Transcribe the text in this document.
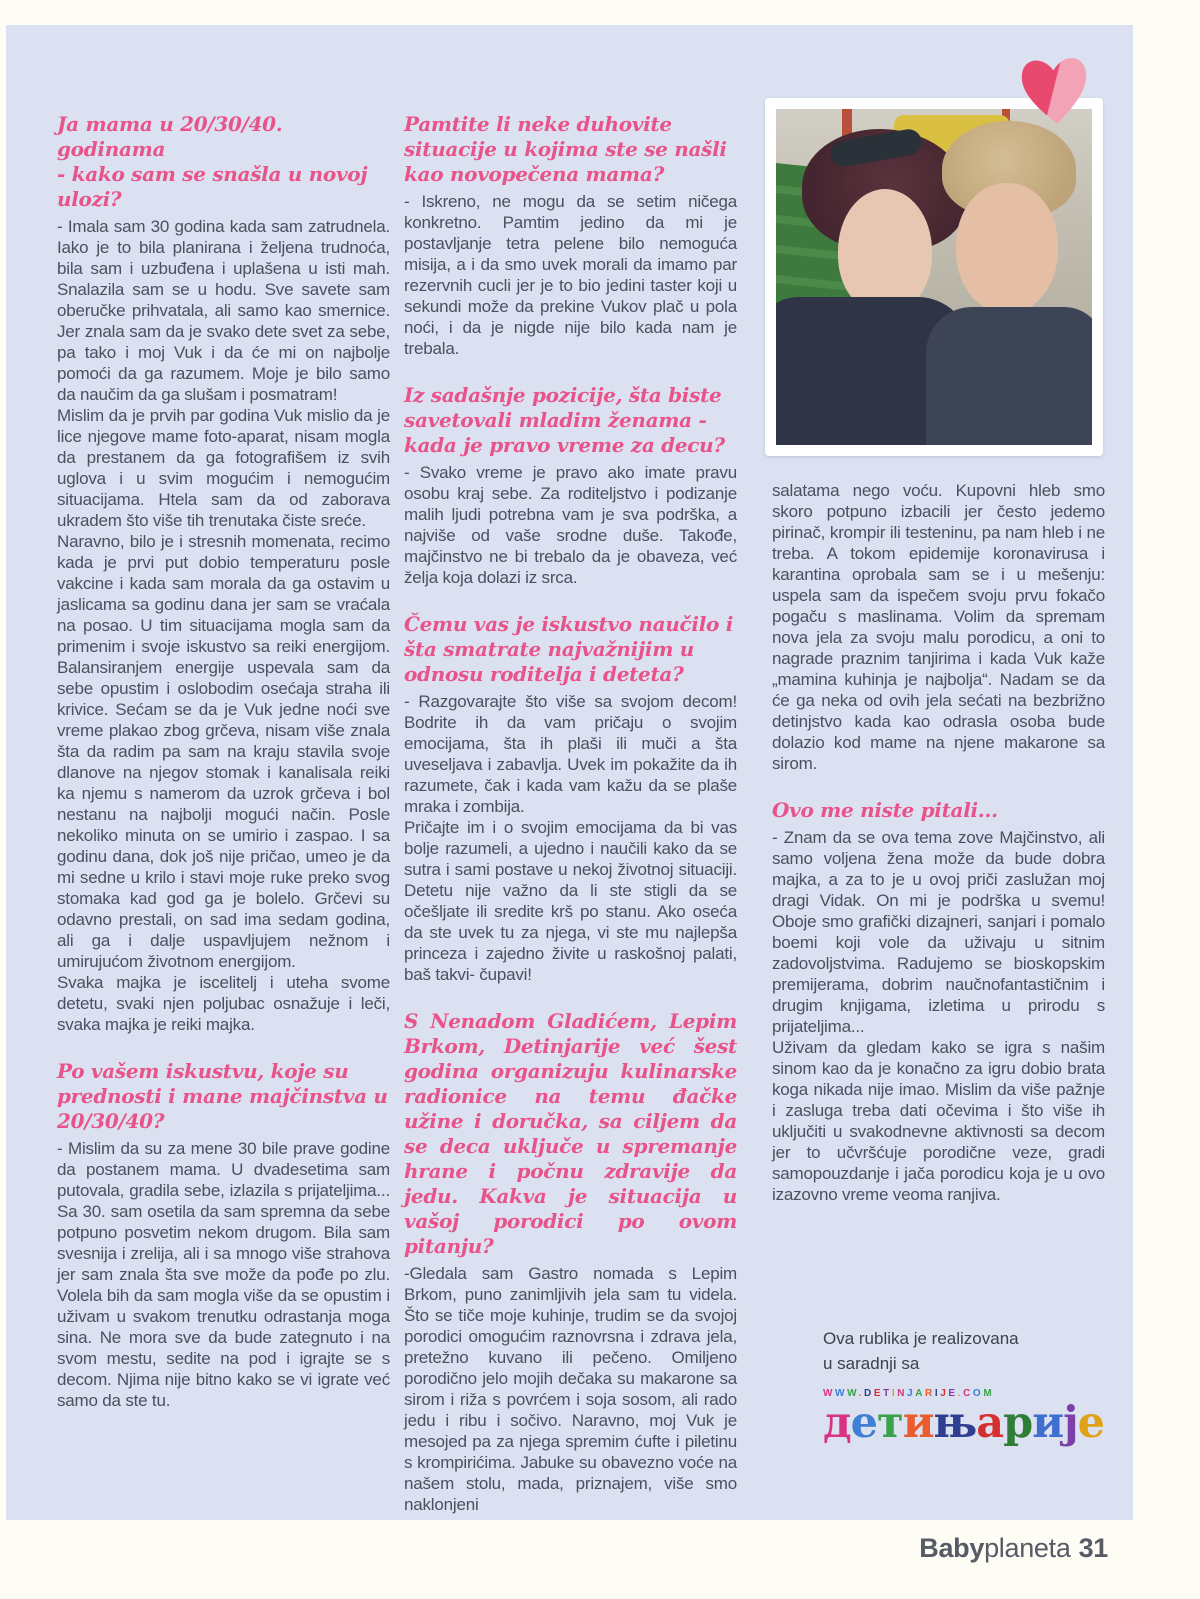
Ja mama u 20/30/40. godinama
- kako sam se snašla u novoj ulozi?

- Imala sam 30 godina kada sam zatrudnela. Iako je to bila planirana i željena trudnoća, bila sam i uzbuđena i uplašena u isti mah. Snalazila sam se u hodu. Sve savete sam oberučke prihvatala, ali samo kao smernice. Jer znala sam da je svako dete svet za sebe, pa tako i moj Vuk i da će mi on najbolje pomoći da ga razumem. Moje je bilo samo da naučim da ga slušam i posmatram!

Mislim da je prvih par godina Vuk mislio da je lice njegove mame foto-aparat, nisam mogla da prestanem da ga fotografišem iz svih uglova i u svim mogućim i nemogućim situacijama. Htela sam da od zaborava ukradem što više tih trenutaka čiste sreće.

Naravno, bilo je i stresnih momenata, recimo kada je prvi put dobio temperaturu posle vakcine i kada sam morala da ga ostavim u jaslicama sa godinu dana jer sam se vraćala na posao. U tim situacijama mogla sam da primenim i svoje iskustvo sa reiki energijom. Balansiranjem energije uspevala sam da sebe opustim i oslobodim osećaja straha ili krivice. Sećam se da je Vuk jedne noći sve vreme plakao zbog grčeva, nisam više znala šta da radim pa sam na kraju stavila svoje dlanove na njegov stomak i kanalisala reiki ka njemu s namerom da uzrok grčeva i bol nestanu na najbolji mogući način. Posle nekoliko minuta on se umirio i zaspao. I sa godinu dana, dok još nije pričao, umeo je da mi sedne u krilo i stavi moje ruke preko svog stomaka kad god ga je bolelo. Grčevi su odavno prestali, on sad ima sedam godina, ali ga i dalje uspavljujem nežnom i umirujućom životnom energijom.

Svaka majka je iscelitelj i uteha svome detetu, svaki njen poljubac osnažuje i leči, svaka majka je reiki majka.

Po vašem iskustvu, koje su prednosti i mane majčinstva u 20/30/40?

- Mislim da su za mene 30 bile prave godine da postanem mama. U dvadesetima sam putovala, gradila sebe, izlazila s prijateljima... Sa 30. sam osetila da sam spremna da sebe potpuno posvetim nekom drugom. Bila sam svesnija i zrelija, ali i sa mnogo više strahova jer sam znala šta sve može da pođe po zlu. Volela bih da sam mogla više da se opustim i uživam u svakom trenutku odrastanja moga sina. Ne mora sve da bude zategnuto i na svom mestu, sedite na pod i igrajte se s decom. Njima nije bitno kako se vi igrate već samo da ste tu.

Pamtite li neke duhovite situacije u kojima ste se našli kao novopečena mama?

- Iskreno, ne mogu da se setim ničega konkretno. Pamtim jedino da mi je postavljanje tetra pelene bilo nemoguća misija, a i da smo uvek morali da imamo par rezervnih cucli jer je to bio jedini taster koji u sekundi može da prekine Vukov plač u pola noći, i da je nigde nije bilo kada nam je trebala.

Iz sadašnje pozicije, šta biste savetovali mladim ženama - kada je pravo vreme za decu?

- Svako vreme je pravo ako imate pravu osobu kraj sebe. Za roditeljstvo i podizanje malih ljudi potrebna vam je sva podrška, a najviše od vaše srodne duše. Takođe, majčinstvo ne bi trebalo da je obaveza, već želja koja dolazi iz srca.

Čemu vas je iskustvo naučilo i šta smatrate najvažnijim u odnosu roditelja i deteta?

- Razgovarajte što više sa svojom decom! Bodrite ih da vam pričaju o svojim emocijama, šta ih plaši ili muči a šta uveseljava i zabavlja. Uvek im pokažite da ih razumete, čak i kada vam kažu da se plaše mraka i zombija.

Pričajte im i o svojim emocijama da bi vas bolje razumeli, a ujedno i naučili kako da se sutra i sami postave u nekoj životnoj situaciji. Detetu nije važno da li ste stigli da se očešljate ili sredite krš po stanu. Ako oseća da ste uvek tu za njega, vi ste mu najlepša princeza i zajedno živite u raskošnoj palati, baš takvi- čupavi!

S Nenadom Gladićem, Lepim Brkom, Detinjarije već šest godina organizuju kulinarske radionice na temu đačke užine i doručka, sa ciljem da se deca uključe u spremanje hrane i počnu zdravije da jedu. Kakva je situacija u vašoj porodici po ovom pitanju?

-Gledala sam Gastro nomada s Lepim Brkom, puno zanimljivih jela sam tu videla. Što se tiče moje kuhinje, trudim se da svojoj porodici omogućim raznovrsna i zdrava jela, pretežno kuvano ili pečeno. Omiljeno porodično jelo mojih dečaka su makarone sa sirom i riža s povrćem i soja sosom, ali rado jedu i ribu i sočivo. Naravno, moj Vuk je mesojed pa za njega spremim ćufte i piletinu s krompirićima. Jabuke su obavezno voće na našem stolu, mada, priznajem, više smo naklonjeni

salatama nego voću. Kupovni hleb smo skoro potpuno izbacili jer često jedemo pirinač, krompir ili testeninu, pa nam hleb i ne treba. A tokom epidemije koronavirusa i karantina oprobala sam se i u mešenju: uspela sam da ispečem svoju prvu fokačo pogaču s maslinama. Volim da spremam nova jela za svoju malu porodicu, a oni to nagrade praznim tanjirima i kada Vuk kaže „mamina kuhinja je najbolja“. Nadam se da će ga neka od ovih jela sećati na bezbrižno detinjstvo kada kao odrasla osoba bude dolazio kod mame na njene makarone sa sirom.

Ovo me niste pitali...

- Znam da se ova tema zove Majčinstvo, ali samo voljena žena može da bude dobra majka, a za to je u ovoj priči zaslužan moj dragi Vidak. On mi je podrška u svemu! Oboje smo grafički dizajneri, sanjari i pomalo boemi koji vole da uživaju u sitnim zadovoljstvima. Radujemo se bioskopskim premijerama, dobrim naučnofantastičnim i drugim knjigama, izletima u prirodu s prijateljima...

Uživam da gledam kako se igra s našim sinom kao da je konačno za igru dobio brata koga nikada nije imao. Mislim da više pažnje i zasluga treba dati očevima i što više ih uključiti u svakodnevne aktivnosti sa decom jer to učvršćuje porodične veze, gradi samopouzdanje i jača porodicu koja je u ovo izazovno vreme veoma ranjiva.

Ova rublika je realizovana
u saradnji sa
WWW.DETINJARIJE.COM
детињарије
Babyplaneta 31
